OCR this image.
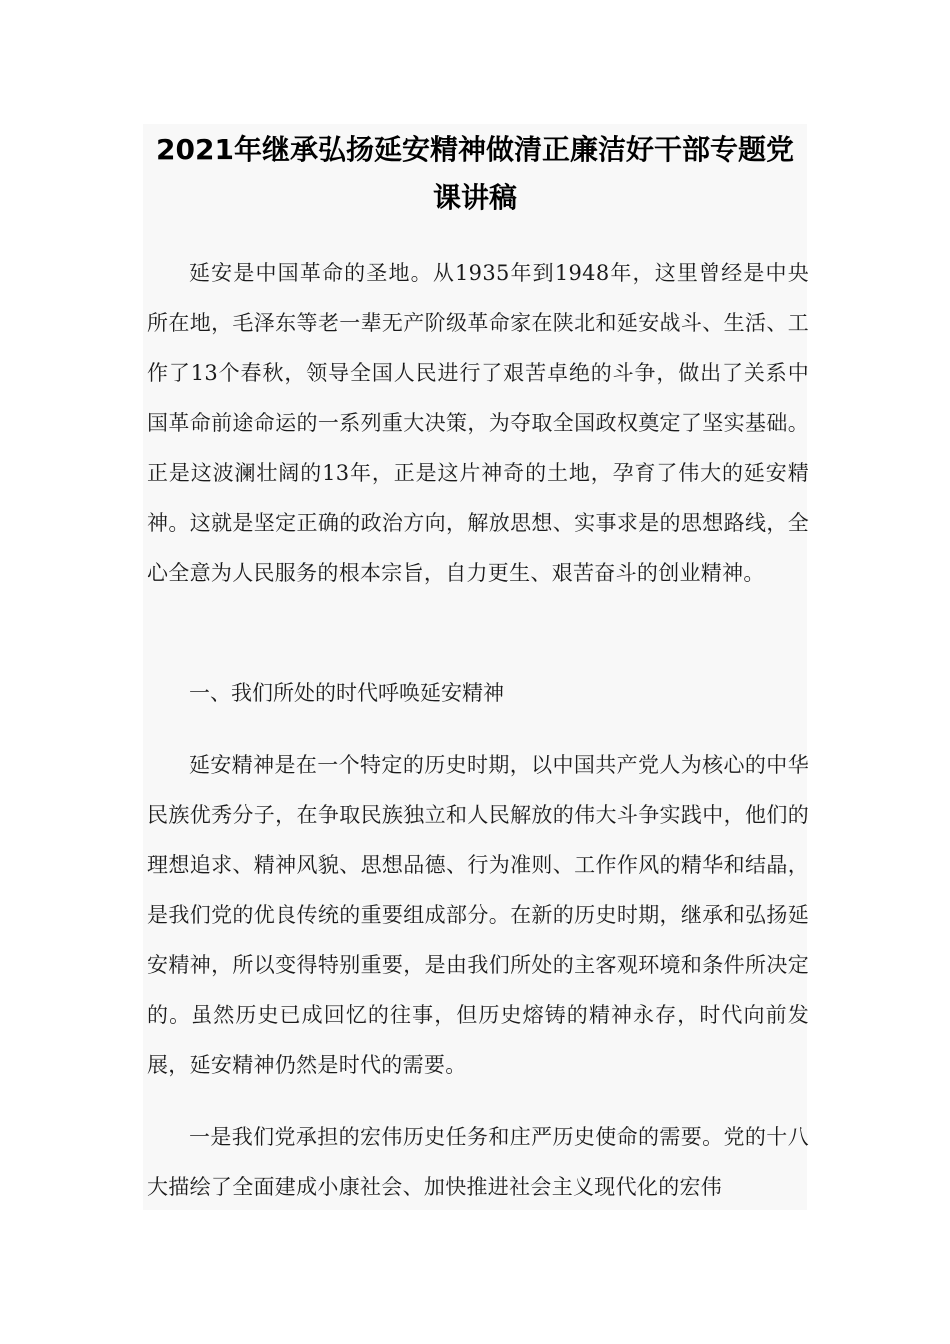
2021年继承弘扬延安精神做清正廉洁好干部专题党课讲稿

延安是中国革命的圣地。从1935年到1948年，这里曾经是中央所在地，毛泽东等老一辈无产阶级革命家在陕北和延安战斗、生活、工作了13个春秋，领导全国人民进行了艰苦卓绝的斗争，做出了关系中国革命前途命运的一系列重大决策，为夺取全国政权奠定了坚实基础。正是这波澜壮阔的13年，正是这片神奇的土地，孕育了伟大的延安精神。这就是坚定正确的政治方向，解放思想、实事求是的思想路线，全心全意为人民服务的根本宗旨，自力更生、艰苦奋斗的创业精神。

一、我们所处的时代呼唤延安精神

延安精神是在一个特定的历史时期，以中国共产党人为核心的中华民族优秀分子，在争取民族独立和人民解放的伟大斗争实践中，他们的理想追求、精神风貌、思想品德、行为准则、工作作风的精华和结晶，是我们党的优良传统的重要组成部分。在新的历史时期，继承和弘扬延安精神，所以变得特别重要，是由我们所处的主客观环境和条件所决定的。虽然历史已成回忆的往事，但历史熔铸的精神永存，时代向前发展，延安精神仍然是时代的需要。

一是我们党承担的宏伟历史任务和庄严历史使命的需要。党的十八大描绘了全面建成小康社会、加快推进社会主义现代化的宏伟
